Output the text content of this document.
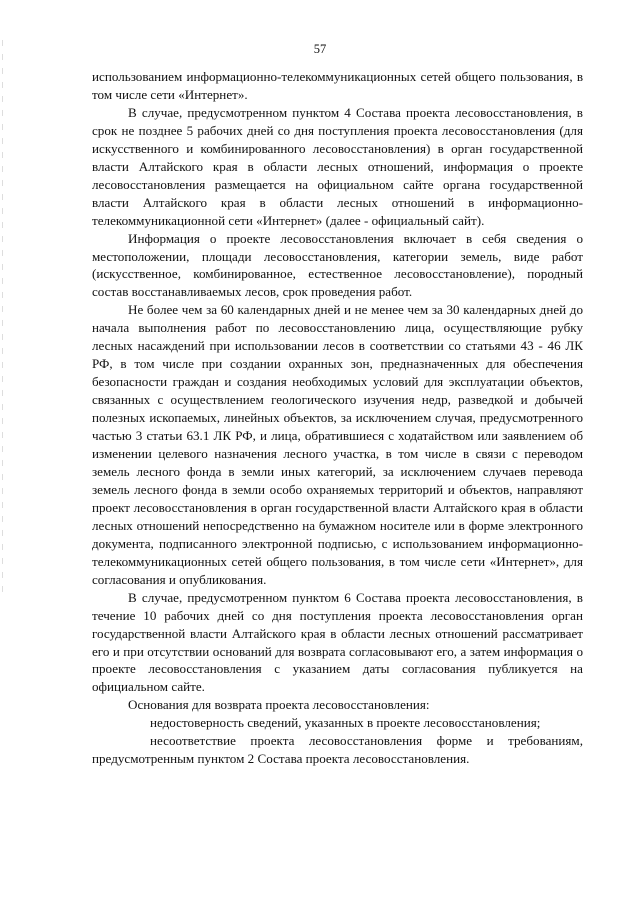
57

использованием информационно-телекоммуникационных сетей общего пользования, в том числе сети «Интернет».

В случае, предусмотренном пунктом 4 Состава проекта лесовосстановления, в срок не позднее 5 рабочих дней со дня поступления проекта лесовосстановления (для искусственного и комбинированного лесовосстановления) в орган государственной власти Алтайского края в области лесных отношений, информация о проекте лесовосстановления размещается на официальном сайте органа государственной власти Алтайского края в области лесных отношений в информационно-телекоммуникационной сети «Интернет» (далее - официальный сайт).

Информация о проекте лесовосстановления включает в себя сведения о местоположении, площади лесовосстановления, категории земель, виде работ (искусственное, комбинированное, естественное лесовосстановление), породный состав восстанавливаемых лесов, срок проведения работ.

Не более чем за 60 календарных дней и не менее чем за 30 календарных дней до начала выполнения работ по лесовосстановлению лица, осуществляющие рубку лесных насаждений при использовании лесов в соответствии со статьями 43 - 46 ЛК РФ, в том числе при создании охранных зон, предназначенных для обеспечения безопасности граждан и создания необходимых условий для эксплуатации объектов, связанных с осуществлением геологического изучения недр, разведкой и добычей полезных ископаемых, линейных объектов, за исключением случая, предусмотренного частью 3 статьи 63.1 ЛК РФ, и лица, обратившиеся с ходатайством или заявлением об изменении целевого назначения лесного участка, в том числе в связи с переводом земель лесного фонда в земли иных категорий, за исключением случаев перевода земель лесного фонда в земли особо охраняемых территорий и объектов, направляют проект лесовосстановления в орган государственной власти Алтайского края в области лесных отношений непосредственно на бумажном носителе или в форме электронного документа, подписанного электронной подписью, с использованием информационно-телекоммуникационных сетей общего пользования, в том числе сети «Интернет», для согласования и опубликования.

В случае, предусмотренном пунктом 6 Состава проекта лесовосстановления, в течение 10 рабочих дней со дня поступления проекта лесовосстановления орган государственной власти Алтайского края в области лесных отношений рассматривает его и при отсутствии оснований для возврата согласовывают его, а затем информация о проекте лесовосстановления с указанием даты согласования публикуется на официальном сайте.

Основания для возврата проекта лесовосстановления:

недостоверность сведений, указанных в проекте лесовосстановления;

несоответствие проекта лесовосстановления форме и требованиям, предусмотренным пунктом 2 Состава проекта лесовосстановления.
